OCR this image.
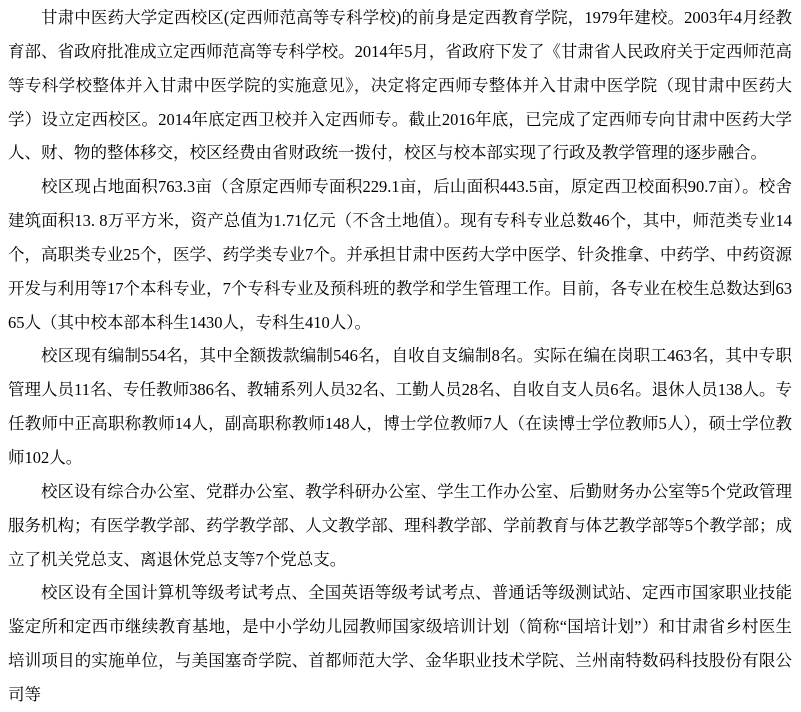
甘肃中医药大学定西校区(定西师范高等专科学校)的前身是定西教育学院，1979年建校。2003年4月经教育部、省政府批准成立定西师范高等专科学校。2014年5月，省政府下发了《甘肃省人民政府关于定西师范高等专科学校整体并入甘肃中医学院的实施意见》，决定将定西师专整体并入甘肃中医学院（现甘肃中医药大学）设立定西校区。2014年底定西卫校并入定西师专。截止2016年底，已完成了定西师专向甘肃中医药大学人、财、物的整体移交，校区经费由省财政统一拨付，校区与校本部实现了行政及教学管理的逐步融合。

校区现占地面积763.3亩（含原定西师专面积229.1亩，后山面积443.5亩，原定西卫校面积90.7亩）。校舍建筑面积13. 8万平方米，资产总值为1.71亿元（不含土地值）。现有专科专业总数46个，其中，师范类专业14个，高职类专业25个，医学、药学类专业7个。并承担甘肃中医药大学中医学、针灸推拿、中药学、中药资源开发与利用等17个本科专业，7个专科专业及预科班的教学和学生管理工作。目前，各专业在校生总数达到6365人（其中校本部本科生1430人，专科生410人）。

校区现有编制554名，其中全额拨款编制546名，自收自支编制8名。实际在编在岗职工463名，其中专职管理人员11名、专任教师386名、教辅系列人员32名、工勤人员28名、自收自支人员6名。退休人员138人。专任教师中正高职称教师14人，副高职称教师148人，博士学位教师7人（在读博士学位教师5人），硕士学位教师102人。

校区设有综合办公室、党群办公室、教学科研办公室、学生工作办公室、后勤财务办公室等5个党政管理服务机构；有医学教学部、药学教学部、人文教学部、理科教学部、学前教育与体艺教学部等5个教学部；成立了机关党总支、离退休党总支等7个党总支。

校区设有全国计算机等级考试考点、全国英语等级考试考点、普通话等级测试站、定西市国家职业技能鉴定所和定西市继续教育基地，是中小学幼儿园教师国家级培训计划（简称“国培计划”）和甘肃省乡村医生培训项目的实施单位，与美国塞奇学院、首都师范大学、金华职业技术学院、兰州南特数码科技股份有限公司等
